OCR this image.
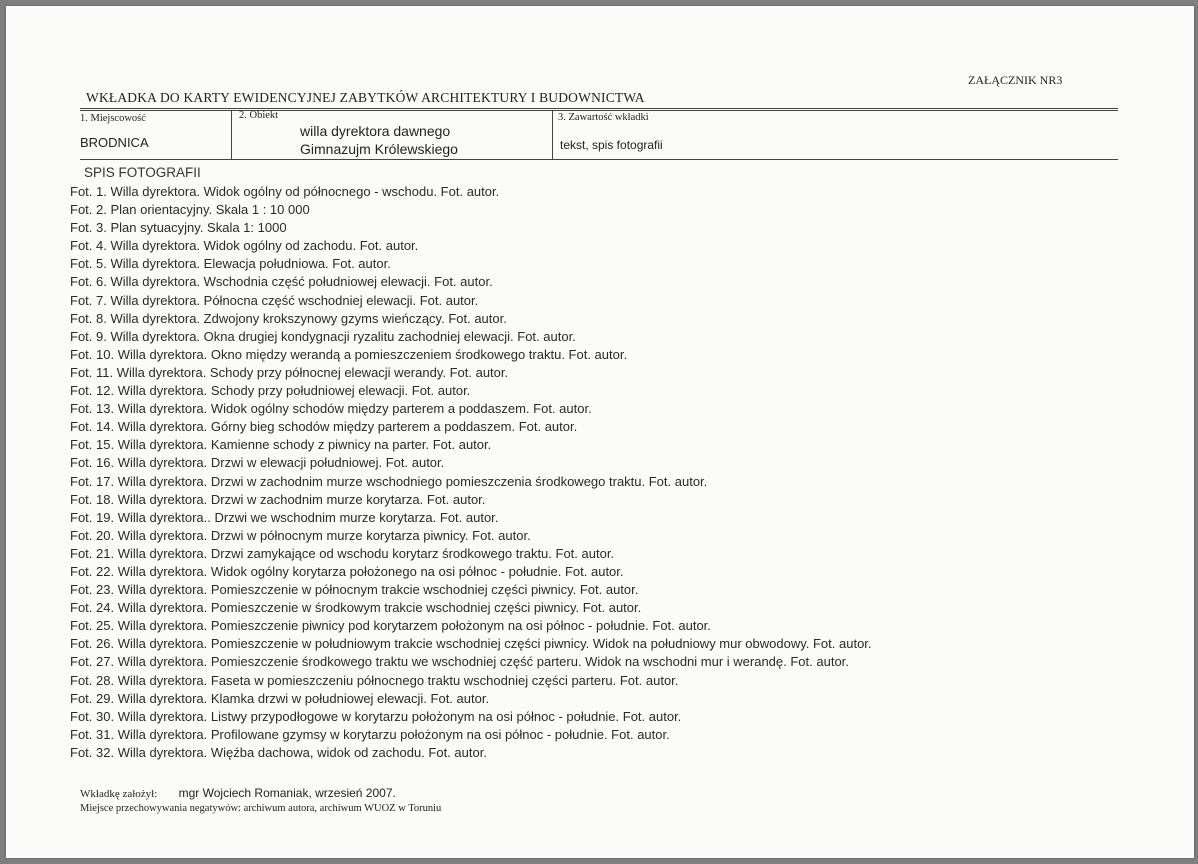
ZAŁĄCZNIK NR3
WKŁADKA DO KARTY EWIDENCYJNEJ ZABYTKÓW ARCHITEKTURY I BUDOWNICTWA
1. Miejscowość
BRODNICA
2. Obiekt
willa dyrektora dawnego
Gimnazujm Królewskiego
3. Zawartość wkładki
tekst, spis fotografii
SPIS FOTOGRAFII
Fot. 1. Willa dyrektora. Widok ogólny od północnego - wschodu. Fot. autor.
Fot. 2. Plan orientacyjny. Skala 1 : 10 000
Fot. 3. Plan sytuacyjny. Skala 1: 1000
Fot. 4. Willa dyrektora. Widok ogólny od zachodu. Fot. autor.
Fot. 5. Willa dyrektora. Elewacja południowa. Fot. autor.
Fot. 6. Willa dyrektora. Wschodnia część południowej elewacji. Fot. autor.
Fot. 7. Willa dyrektora. Północna część wschodniej elewacji. Fot. autor.
Fot. 8. Willa dyrektora. Zdwojony krokszynowy gzyms wieńczący. Fot. autor.
Fot. 9. Willa dyrektora. Okna drugiej kondygnacji ryzalitu zachodniej elewacji. Fot. autor.
Fot. 10. Willa dyrektora. Okno między werandą a pomieszczeniem środkowego traktu. Fot. autor.
Fot. 11. Willa dyrektora. Schody przy północnej elewacji werandy. Fot. autor.
Fot. 12. Willa dyrektora. Schody przy południowej elewacji. Fot. autor.
Fot. 13. Willa dyrektora. Widok ogólny schodów między parterem a poddaszem. Fot. autor.
Fot. 14. Willa dyrektora. Górny bieg schodów między parterem a poddaszem. Fot. autor.
Fot. 15. Willa dyrektora. Kamienne schody z piwnicy na parter. Fot. autor.
Fot. 16. Willa dyrektora. Drzwi w elewacji południowej. Fot. autor.
Fot. 17. Willa dyrektora. Drzwi w zachodnim murze wschodniego pomieszczenia środkowego traktu. Fot. autor.
Fot. 18. Willa dyrektora. Drzwi w zachodnim murze korytarza. Fot. autor.
Fot. 19. Willa dyrektora.. Drzwi we wschodnim murze korytarza. Fot. autor.
Fot. 20. Willa dyrektora. Drzwi w północnym murze korytarza piwnicy. Fot. autor.
Fot. 21. Willa dyrektora. Drzwi zamykające od wschodu korytarz środkowego traktu. Fot. autor.
Fot. 22. Willa dyrektora. Widok ogólny korytarza położonego na osi północ - południe. Fot. autor.
Fot. 23. Willa dyrektora. Pomieszczenie w północnym trakcie wschodniej części piwnicy. Fot. autor.
Fot. 24. Willa dyrektora. Pomieszczenie w środkowym trakcie wschodniej części piwnicy. Fot. autor.
Fot. 25. Willa dyrektora. Pomieszczenie piwnicy pod korytarzem położonym na osi północ - południe. Fot. autor.
Fot. 26. Willa dyrektora. Pomieszczenie w południowym trakcie wschodniej części piwnicy. Widok na południowy mur obwodowy. Fot. autor.
Fot. 27. Willa dyrektora. Pomieszczenie środkowego traktu we wschodniej część parteru. Widok na wschodni mur i werandę. Fot. autor.
Fot. 28. Willa dyrektora. Faseta w pomieszczeniu północnego traktu wschodniej części parteru. Fot. autor.
Fot. 29. Willa dyrektora. Klamka drzwi w południowej elewacji. Fot. autor.
Fot. 30. Willa dyrektora. Listwy przypodłogowe w korytarzu położonym na osi północ - południe. Fot. autor.
Fot. 31. Willa dyrektora. Profilowane gzymsy w korytarzu położonym na osi północ - południe. Fot. autor.
Fot. 32. Willa dyrektora. Więźba dachowa, widok od zachodu. Fot. autor.
Wkładkę założył: mgr Wojciech Romaniak, wrzesień 2007.
Miejsce przechowywania negatywów: archiwum autora, archiwum WUOZ w Toruniu
